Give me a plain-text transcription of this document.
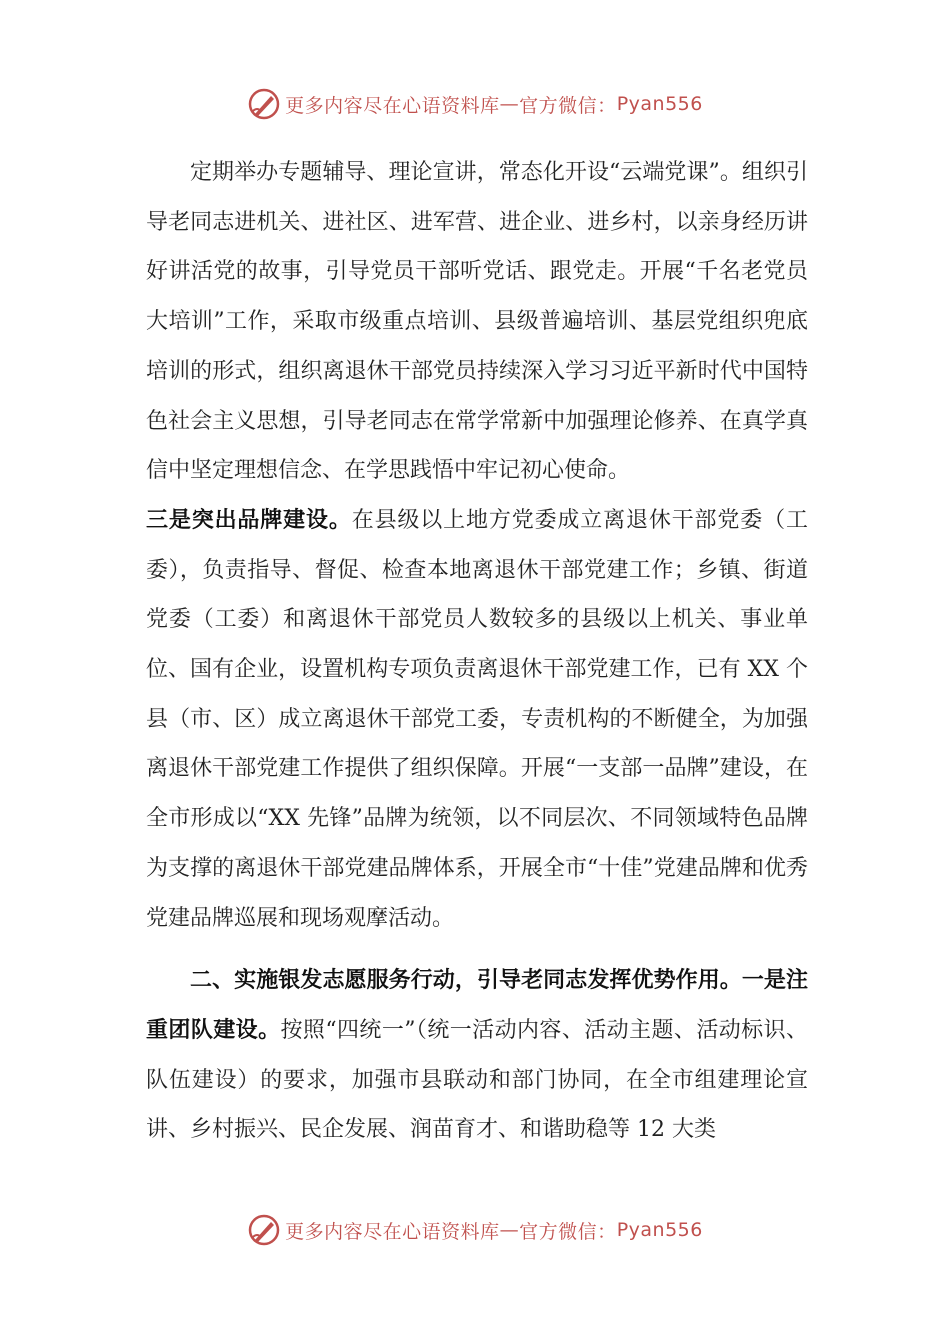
更多内容尽在心语资料库 — 官方微信： Pyan556

定期举办专题辅导、理论宣讲，常态化开设“云端党课”。组织引导老同志进机关、进社区、进军营、进企业、进乡村，以亲身经历讲好讲活党的故事，引导党员干部听党话、跟党走。开展“千名老党员大培训”工作，采取市级重点培训、县级普遍培训、基层党组织兜底培训的形式，组织离退休干部党员持续深入学习习近平新时代中国特色社会主义思想，引导老同志在常学常新中加强理论修养、在真学真信中坚定理想信念、在学思践悟中牢记初心使命。

三是突出品牌建设。在县级以上地方党委成立离退休干部党委（工委），负责指导、督促、检查本地离退休干部党建工作；乡镇、街道党委（工委）和离退休干部党员人数较多的县级以上机关、事业单位、国有企业，设置机构专项负责离退休干部党建工作，已有 XX 个县（市、区）成立离退休干部党工委，专责机构的不断健全，为加强离退休干部党建工作提供了组织保障。开展“一支部一品牌”建设，在全市形成以“XX 先锋”品牌为统领，以不同层次、不同领域特色品牌为支撑的离退休干部党建品牌体系，开展全市“十佳”党建品牌和优秀党建品牌巡展和现场观摩活动。

二、实施银发志愿服务行动，引导老同志发挥优势作用。一是注重团队建设。按照“四统一”（统一活动内容、活动主题、活动标识、队伍建设）的要求，加强市县联动和部门协同，在全市组建理论宣讲、乡村振兴、民企发展、润苗育才、和谐助稳等 12 大类

更多内容尽在心语资料库 — 官方微信： Pyan556
